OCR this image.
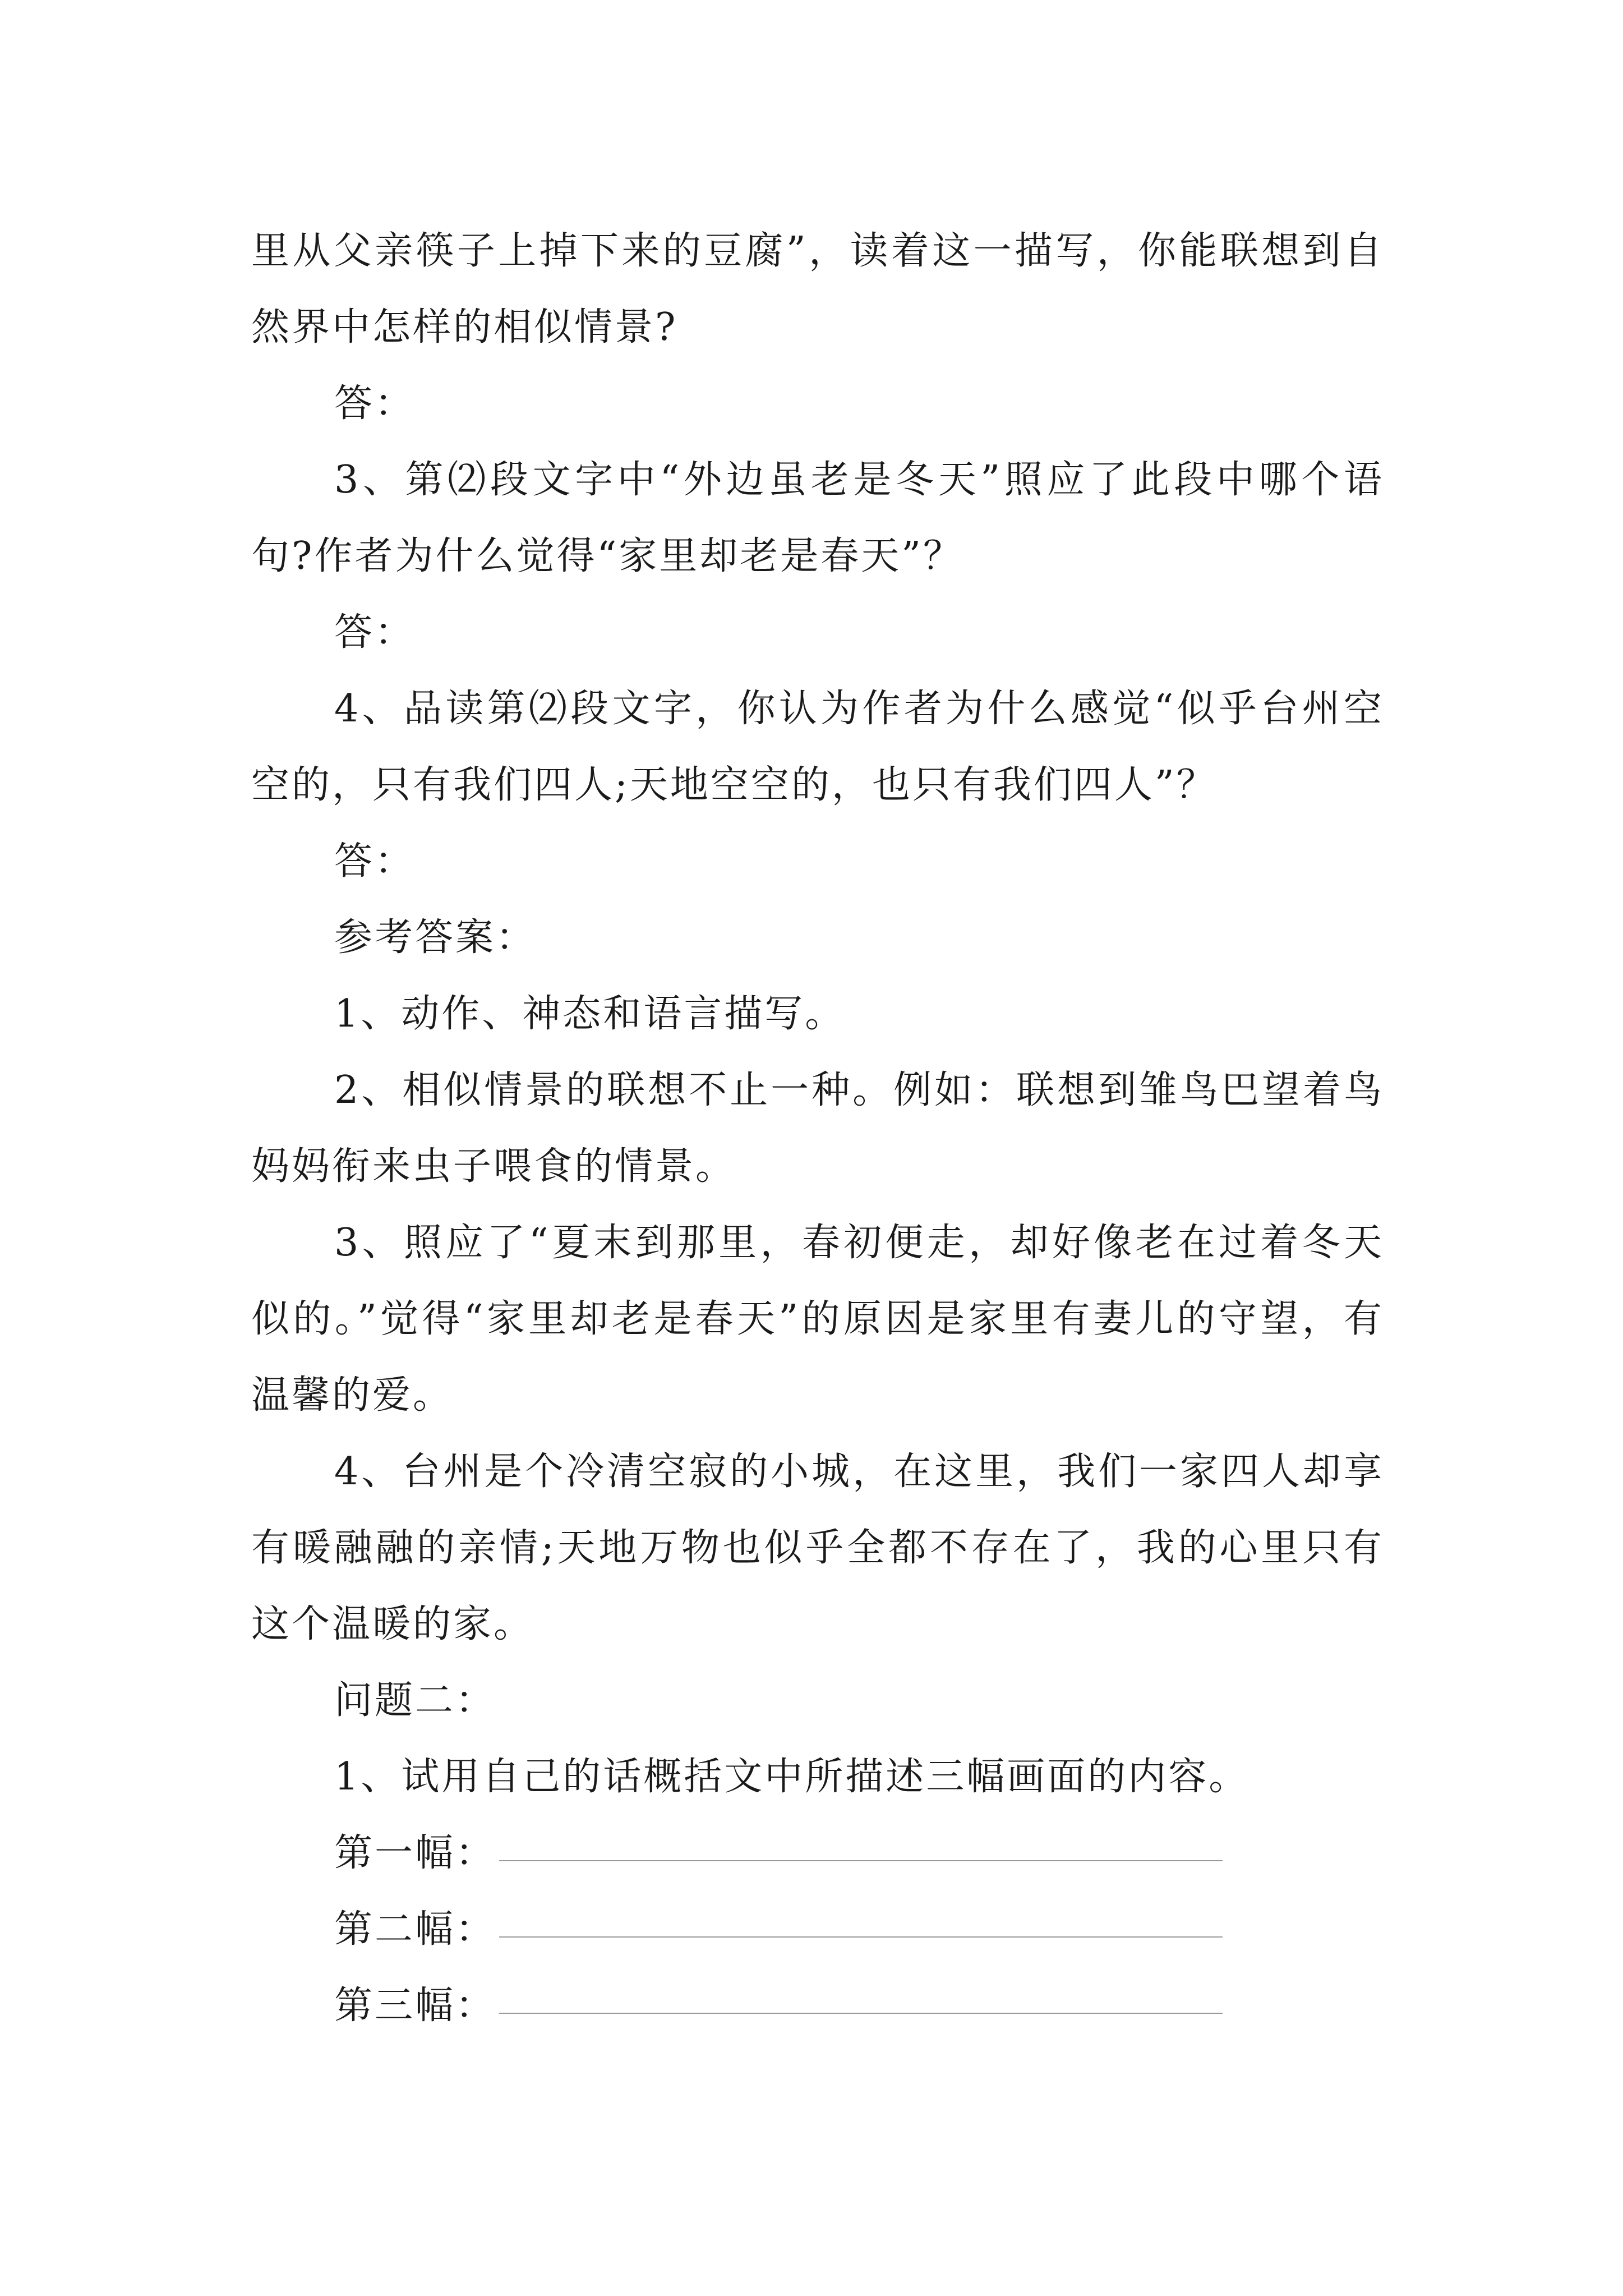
里从父亲筷子上掉下来的豆腐”，读着这一描写，你能联想到自然界中怎样的相似情景?

答：

3、第⑵段文字中“外边虽老是冬天”照应了此段中哪个语句?作者为什么觉得“家里却老是春天”？

答：

4、品读第⑵段文字，你认为作者为什么感觉“似乎台州空空的，只有我们四人;天地空空的，也只有我们四人”？

答：

参考答案：

1、动作、神态和语言描写。

2、相似情景的联想不止一种。例如：联想到雏鸟巴望着鸟妈妈衔来虫子喂食的情景。

3、照应了“夏末到那里，春初便走，却好像老在过着冬天似的。”觉得“家里却老是春天”的原因是家里有妻儿的守望，有温馨的爱。

4、台州是个冷清空寂的小城，在这里，我们一家四人却享有暖融融的亲情;天地万物也似乎全都不存在了，我的心里只有这个温暖的家。

问题二：

1、试用自己的话概括文中所描述三幅画面的内容。

第一幅：
第二幅：
第三幅：
